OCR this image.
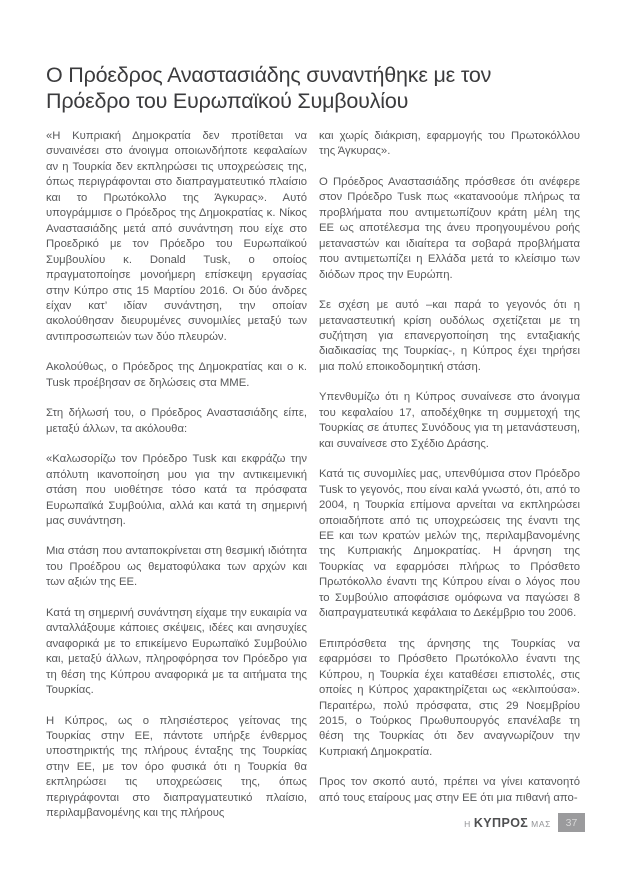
Ο Πρόεδρος Αναστασιάδης συναντήθηκε με τον Πρόεδρο του Ευρωπαϊκού Συμβουλίου

«Η Κυπριακή Δημοκρατία δεν προτίθεται να συναινέσει στο άνοιγμα οποιωνδήποτε κεφαλαίων αν η Τουρκία δεν εκπληρώσει τις υποχρεώσεις της, όπως περιγράφονται στο διαπραγματευτικό πλαίσιο και το Πρωτόκολλο της Άγκυρας». Αυτό υπογράμμισε ο Πρόεδρος της Δημοκρατίας κ. Νίκος Αναστασιάδης μετά από συνάντηση που είχε στο Προεδρικό με τον Πρόεδρο του Ευρωπαϊκού Συμβουλίου κ. Donald Tusk, ο οποίος πραγματοποίησε μονοήμερη επίσκεψη εργασίας στην Κύπρο στις 15 Μαρτίου 2016. Οι δύο άνδρες είχαν κατ’ ιδίαν συνάντηση, την οποίαν ακολούθησαν διευρυμένες συνομιλίες μεταξύ των αντιπροσωπειών των δύο πλευρών.

Ακολούθως, ο Πρόεδρος της Δημοκρατίας και ο κ. Tusk προέβησαν σε δηλώσεις στα ΜΜΕ.

Στη δήλωσή του, ο Πρόεδρος Αναστασιάδης είπε, μεταξύ άλλων, τα ακόλουθα:

«Καλωσορίζω τον Πρόεδρο Tusk και εκφράζω την απόλυτη ικανοποίηση μου για την αντικειμενική στάση που υιοθέτησε τόσο κατά τα πρόσφατα Ευρωπαϊκά Συμβούλια, αλλά και κατά τη σημερινή μας συνάντηση.

Μια στάση που ανταποκρίνεται στη θεσμική ιδιότητα του Προέδρου ως θεματοφύλακα των αρχών και των αξιών της ΕΕ.

Κατά τη σημερινή συνάντηση είχαμε την ευκαιρία να ανταλλάξουμε κάποιες σκέψεις, ιδέες και ανησυχίες αναφορικά με το επικείμενο Ευρωπαϊκό Συμβούλιο και, μεταξύ άλλων, πληροφόρησα τον Πρόεδρο για τη θέση της Κύπρου αναφορικά με τα αιτήματα της Τουρκίας.

Η Κύπρος, ως ο πλησιέστερος γείτονας της Τουρκίας στην ΕΕ, πάντοτε υπήρξε ένθερμος υποστηρικτής της πλήρους ένταξης της Τουρκίας στην ΕΕ, με τον όρο φυσικά ότι η Τουρκία θα εκπληρώσει τις υποχρεώσεις της, όπως περιγράφονται στο διαπραγματευτικό πλαίσιο, περιλαμβανομένης και της πλήρους

και χωρίς διάκριση, εφαρμογής του Πρωτοκόλλου της Άγκυρας».

Ο Πρόεδρος Αναστασιάδης πρόσθεσε ότι ανέφερε στον Πρόεδρο Tusk πως «κατανοούμε πλήρως τα προβλήματα που αντιμετωπίζουν κράτη μέλη της ΕΕ ως αποτέλεσμα της άνευ προηγουμένου ροής μεταναστών και ιδιαίτερα τα σοβαρά προβλήματα που αντιμετωπίζει η Ελλάδα μετά το κλείσιμο των διόδων προς την Ευρώπη.

Σε σχέση με αυτό –και παρά το γεγονός ότι η μεταναστευτική κρίση ουδόλως σχετίζεται με τη συζήτηση για επανεργοποίηση της ενταξιακής διαδικασίας της Τουρκίας-, η Κύπρος έχει τηρήσει μια πολύ εποικοδομητική στάση.

Υπενθυμίζω ότι η Κύπρος συναίνεσε στο άνοιγμα του κεφαλαίου 17, αποδέχθηκε τη συμμετοχή της Τουρκίας σε άτυπες Συνόδους για τη μετανάστευση, και συναίνεσε στο Σχέδιο Δράσης.

Κατά τις συνομιλίες μας, υπενθύμισα στον Πρόεδρο Tusk το γεγονός, που είναι καλά γνωστό, ότι, από το 2004, η Τουρκία επίμονα αρνείται να εκπληρώσει οποιαδήποτε από τις υποχρεώσεις της έναντι της ΕΕ και των κρατών μελών της, περιλαμβανομένης της Κυπριακής Δημοκρατίας. Η άρνηση της Τουρκίας να εφαρμόσει πλήρως το Πρόσθετο Πρωτόκολλο έναντι της Κύπρου είναι ο λόγος που το Συμβούλιο αποφάσισε ομόφωνα να παγώσει 8 διαπραγματευτικά κεφάλαια το Δεκέμβριο του 2006.

Επιπρόσθετα της άρνησης της Τουρκίας να εφαρμόσει το Πρόσθετο Πρωτόκολλο έναντι της Κύπρου, η Τουρκία έχει καταθέσει επιστολές, στις οποίες η Κύπρος χαρακτηρίζεται ως «εκλιπούσα». Περαιτέρω, πολύ πρόσφατα, στις 29 Νοεμβρίου 2015, ο Τούρκος Πρωθυπουργός επανέλαβε τη θέση της Τουρκίας ότι δεν αναγνωρίζουν την Κυπριακή Δημοκρατία.

Προς τον σκοπό αυτό, πρέπει να γίνει κατανοητό από τους εταίρους μας στην ΕΕ ότι μια πιθανή απο-

Η ΚΥΠΡΟΣ ΜΑΣ 37
